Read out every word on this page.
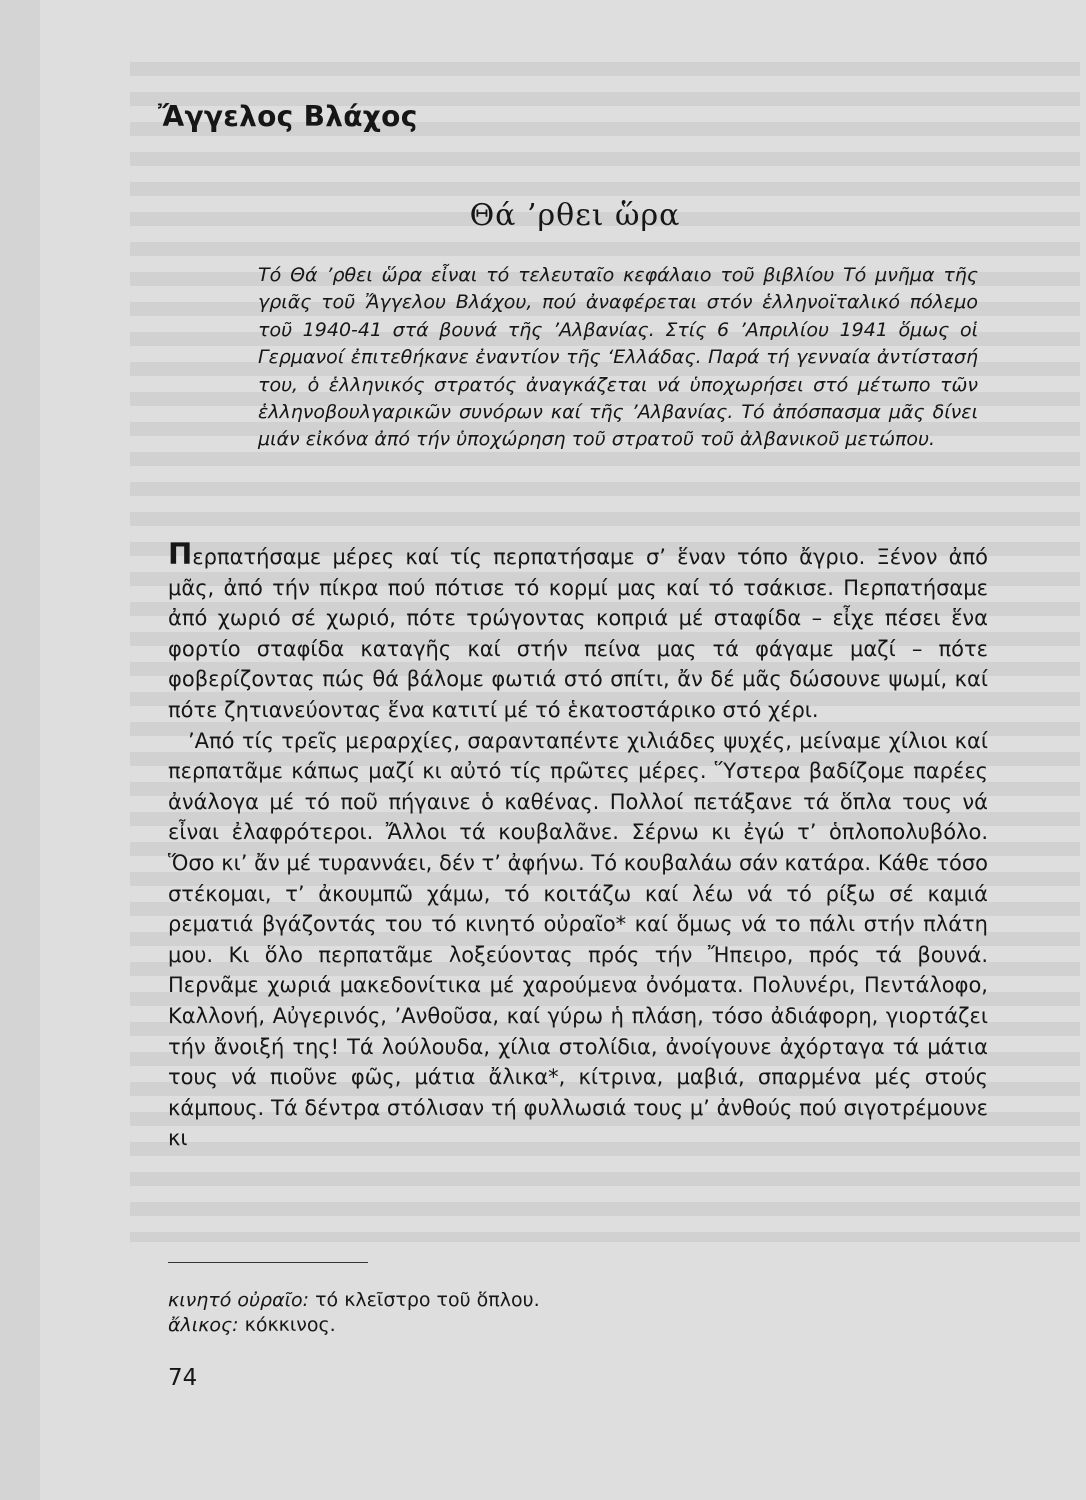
Ἄγγελος Βλάχος
Θά ’ρθει ὥρα

Τό Θά ’ρθει ὥρα εἶναι τό τελευταῖο κεφάλαιο τοῦ βιβλίου Τό μνῆμα τῆς γριᾶς τοῦ Ἄγγελου Βλάχου, πού ἀναφέρεται στόν ἑλληνοϊταλικό πόλεμο τοῦ 1940-41 στά βουνά τῆς ’Αλβανίας. Στίς 6 ’Απριλίου 1941 ὅμως οἱ Γερμανοί ἐπιτεθήκανε ἐναντίον τῆς ‘Ελλάδας. Παρά τή γενναία ἀντίστασή του, ὁ ἑλληνικός στρατός ἀναγκάζεται νά ὑποχωρήσει στό μέτωπο τῶν ἑλληνοβουλγαρικῶν συνόρων καί τῆς ’Αλβανίας. Τό ἀπόσπασμα μᾶς δίνει μιάν εἰκόνα ἀπό τήν ὑποχώρηση τοῦ στρατοῦ τοῦ ἀλβανικοῦ μετώπου.

Περπατήσαμε μέρες καί τίς περπατήσαμε σ’ ἕναν τόπο ἄγριο. Ξένον ἀπό μᾶς, ἀπό τήν πίκρα πού πότισε τό κορμί μας καί τό τσάκισε. Περπατήσαμε ἀπό χωριό σέ χωριό, πότε τρώγοντας κοπριά μέ σταφίδα – εἶχε πέσει ἕνα φορτίο σταφίδα καταγῆς καί στήν πείνα μας τά φάγαμε μαζί – πότε φοβερίζοντας πώς θά βάλομε φωτιά στό σπίτι, ἄν δέ μᾶς δώσουνε ψωμί, καί πότε ζητιανεύοντας ἕνα κατιτί μέ τό ἑκατοστάρικο στό χέρι.

’Από τίς τρεῖς μεραρχίες, σαρανταπέντε χιλιάδες ψυχές, μείναμε χίλιοι καί περπατᾶμε κάπως μαζί κι αὐτό τίς πρῶτες μέρες. Ὕστερα βαδίζομε παρέες ἀνάλογα μέ τό ποῦ πήγαινε ὁ καθένας. Πολλοί πετάξανε τά ὅπλα τους νά εἶναι ἐλαφρότεροι. Ἄλλοι τά κουβαλᾶνε. Σέρνω κι ἐγώ τ’ ὁπλοπολυβόλο. Ὅσο κι’ ἄν μέ τυραννάει, δέν τ’ ἀφήνω. Τό κουβαλάω σάν κατάρα. Κάθε τόσο στέκομαι, τ’ ἀκουμπῶ χάμω, τό κοιτάζω καί λέω νά τό ρίξω σέ καμιά ρεματιά βγάζοντάς του τό κινητό οὐραῖο* καί ὅμως νά το πάλι στήν πλάτη μου. Κι ὅλο περπατᾶμε λοξεύοντας πρός τήν Ἤπειρο, πρός τά βουνά. Περνᾶμε χωριά μακεδονίτικα μέ χαρούμενα ὀνόματα. Πολυνέρι, Πεντάλοφο, Καλλονή, Αὐγερινός, ’Ανθοῦσα, καί γύρω ἡ πλάση, τόσο ἀδιάφορη, γιορτάζει τήν ἄνοιξή της! Τά λούλουδα, χίλια στολίδια, ἀνοίγουνε ἀχόρταγα τά μάτια τους νά πιοῦνε φῶς, μάτια ἄλικα*, κίτρινα, μαβιά, σπαρμένα μές στούς κάμπους. Τά δέντρα στόλισαν τή φυλλωσιά τους μ’ ἀνθούς πού σιγοτρέμουνε κι

κινητό οὐραῖο: τό κλεῖστρο τοῦ ὅπλου.

ἄλικος: κόκκινος.

74
